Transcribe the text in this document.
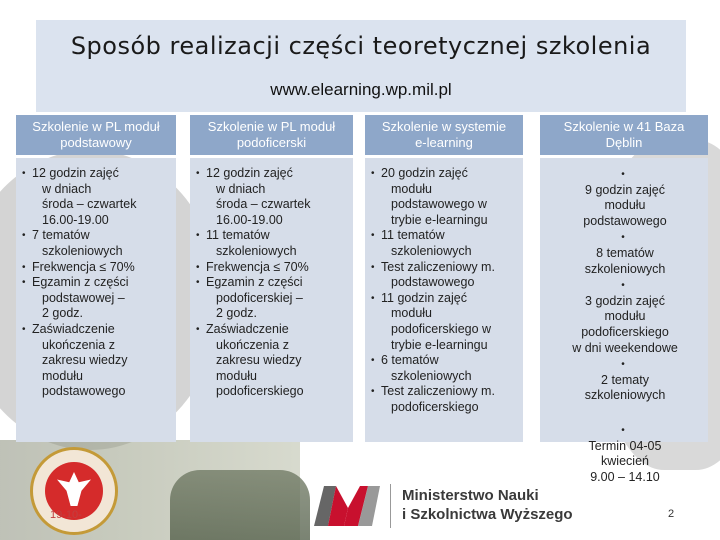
Sposób realizacji części teoretycznej szkolenia
www.elearning.wp.mil.pl
Szkolenie w PL moduł
podstawowy
• 12 godzin zajęć
w dniach
środa – czwartek
16.00-19.00
• 7 tematów
szkoleniowych
• Frekwencja ≤ 70%
• Egzamin z części
podstawowej –
2 godz.
• Zaświadczenie
ukończenia z
zakresu wiedzy
modułu
podstawowego
Szkolenie w PL moduł
podoficerski
• 12 godzin zajęć
w dniach
środa – czwartek
16.00-19.00
• 11 tematów
szkoleniowych
• Frekwencja ≤ 70%
• Egzamin z części
podoficerskiej –
2 godz.
• Zaświadczenie
ukończenia z
zakresu wiedzy
modułu
podoficerskiego
Szkolenie w systemie
e-learning
• 20 godzin zajęć
modułu
podstawowego w
trybie e-learningu
• 11 tematów
szkoleniowych
• Test zaliczeniowy m.
podstawowego
• 11 godzin zajęć
modułu
podoficerskiego w
trybie e-learningu
• 6 tematów
szkoleniowych
• Test zaliczeniowy m.
podoficerskiego
Szkolenie w 41 Baza
Dęblin
• 9 godzin zajęć
modułu
podstawowego
• 8 tematów
szkoleniowych
• 3 godzin zajęć
modułu
podoficerskiego
w dni weekendowe
• 2 tematy
szkoleniowych
• Termin 04-05
kwiecień
9.00 – 14.10
19-10-
Ministerstwo Nauki
i Szkolnictwa Wyższego	2
